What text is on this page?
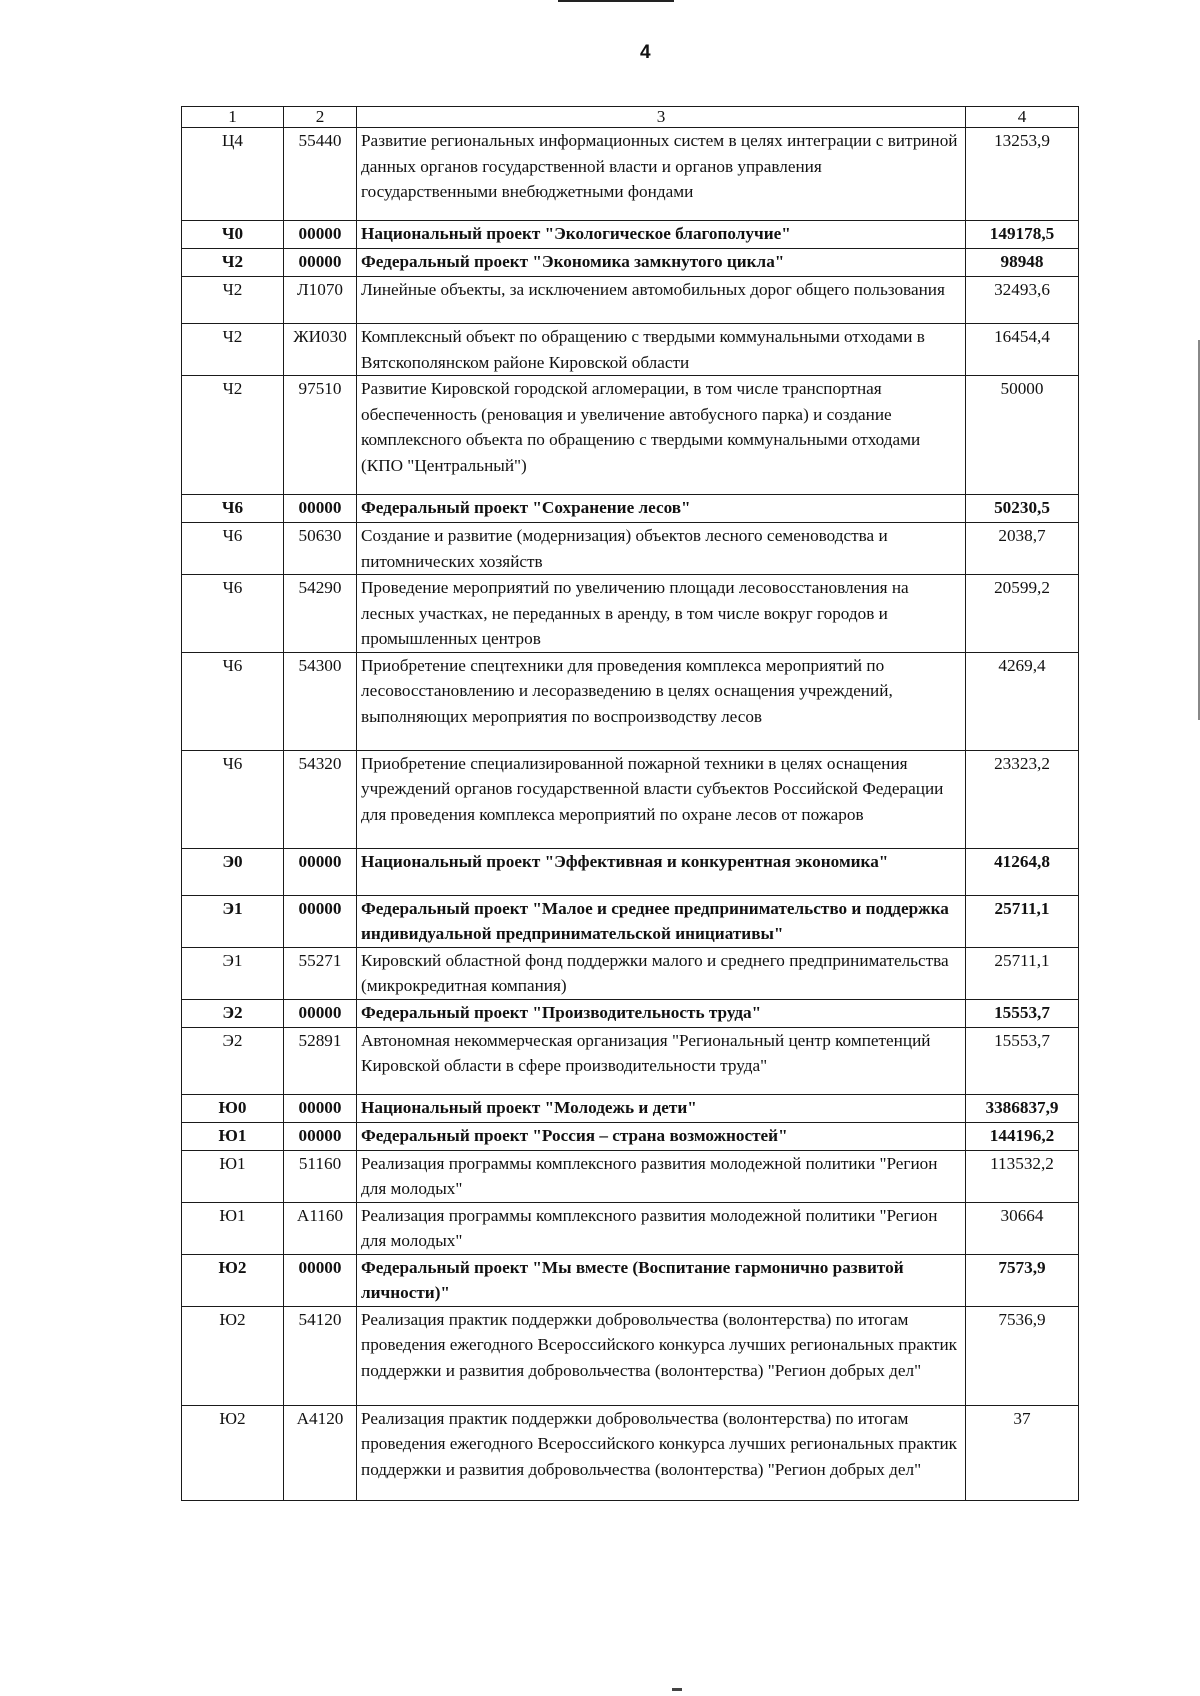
4
1	2	3	4
Ц4	55440	Развитие региональных информационных систем в целях интеграции с витриной данных органов государственной власти и органов управления государственными внебюджетными фондами	13253,9
Ч0	00000	Национальный проект "Экологическое благополучие"	149178,5
Ч2	00000	Федеральный проект "Экономика замкнутого цикла"	98948
Ч2	Л1070	Линейные объекты, за исключением автомобильных дорог общего пользования	32493,6
Ч2	ЖИ030	Комплексный объект по обращению с твердыми коммунальными отходами в Вятскополянском районе Кировской области	16454,4
Ч2	97510	Развитие Кировской городской агломерации, в том числе транспортная обеспеченность (реновация и увеличение автобусного парка) и создание комплексного объекта по обращению с твердыми коммунальными отходами (КПО "Центральный")	50000
Ч6	00000	Федеральный проект "Сохранение лесов"	50230,5
Ч6	50630	Создание и развитие (модернизация) объектов лесного семеноводства и питомнических хозяйств	2038,7
Ч6	54290	Проведение мероприятий по увеличению площади лесовосстановления на лесных участках, не переданных в аренду, в том числе вокруг городов и промышленных центров	20599,2
Ч6	54300	Приобретение спецтехники для проведения комплекса мероприятий по лесовосстановлению и лесоразведению в целях оснащения учреждений, выполняющих мероприятия по воспроизводству лесов	4269,4
Ч6	54320	Приобретение специализированной пожарной техники в целях оснащения учреждений органов государственной власти субъектов Российской Федерации для проведения комплекса мероприятий по охране лесов от пожаров	23323,2
Э0	00000	Национальный проект "Эффективная и конкурентная экономика"	41264,8
Э1	00000	Федеральный проект "Малое и среднее предпринимательство и поддержка индивидуальной предпринимательской инициативы"	25711,1
Э1	55271	Кировский областной фонд поддержки малого и среднего предпринимательства (микрокредитная компания)	25711,1
Э2	00000	Федеральный проект "Производительность труда"	15553,7
Э2	52891	Автономная некоммерческая организация "Региональный центр компетенций Кировской области в сфере производительности труда"	15553,7
Ю0	00000	Национальный проект "Молодежь и дети"	3386837,9
Ю1	00000	Федеральный проект "Россия – страна возможностей"	144196,2
Ю1	51160	Реализация программы комплексного развития молодежной политики "Регион для молодых"	113532,2
Ю1	А1160	Реализация программы комплексного развития молодежной политики "Регион для молодых"	30664
Ю2	00000	Федеральный проект "Мы вместе (Воспитание гармонично развитой личности)"	7573,9
Ю2	54120	Реализация практик поддержки добровольчества (волонтерства) по итогам проведения ежегодного Всероссийского конкурса лучших региональных практик поддержки и развития добровольчества (волонтерства) "Регион добрых дел"	7536,9
Ю2	А4120	Реализация практик поддержки добровольчества (волонтерства) по итогам проведения ежегодного Всероссийского конкурса лучших региональных практик поддержки и развития добровольчества (волонтерства) "Регион добрых дел"	37
